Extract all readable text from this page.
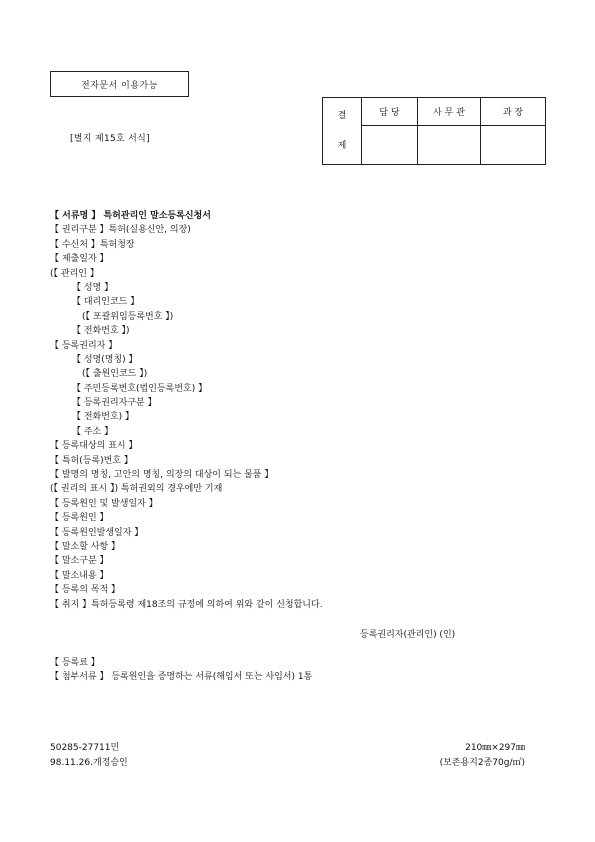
전자문서 이용가능
[별지 제15호 서식]
결
제	담 당	사 무 관	과 장

【 서류명 】 특허관리인 말소등록신청서
【 권리구분 】특허(실용신안, 의장)
【 수신처 】특허청장
【 제출일자 】
(【 관리인 】
【 성명 】
【 대리인코드 】
(【 포괄위임등록번호 】)
【 전화번호 】)
【 등록권리자 】
【 성명(명칭) 】
(【 출원인코드 】)
【 주민등록번호(법인등록번호) 】
【 등록권리자구분 】
【 전화번호) 】
【 주소 】
【 등록대상의 표시 】
【 특허(등록)번호 】
【 발명의 명칭, 고안의 명칭, 의장의 대상이 되는 물품 】
(【 권리의 표시 】) 특허권외의 경우에만 기재
【 등록원인 및 발생일자 】
【 등록원인 】
【 등록원인발생일자 】
【 말소할 사항 】
【 말소구분 】
【 말소내용 】
【 등록의 목적 】
【 취지 】특허등록령 제18조의 규정에 의하여 위와 같이 신청합니다.
등록권리자(관리인) (인)
【 등록료 】
【 첨부서류 】 등록원인을 증명하는 서류(해임서 또는 사임서) 1통
50285-27711민
98.11.26.개정승인
210㎜×297㎜
(보존용지2종70g/㎡)
